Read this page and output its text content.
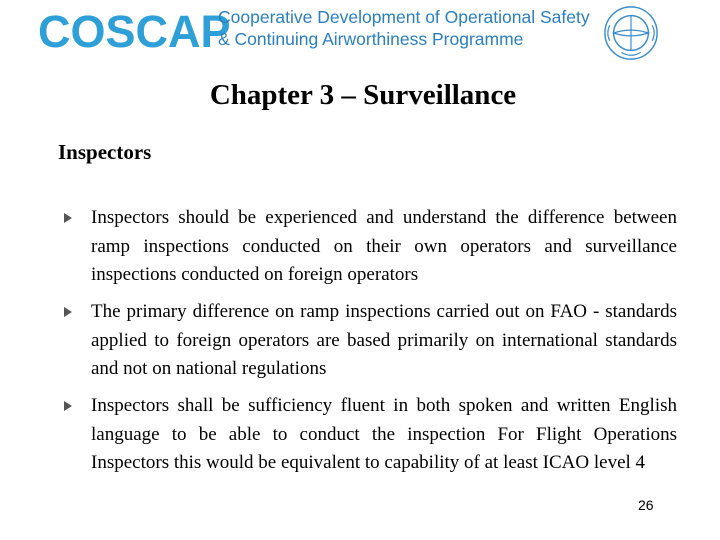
COSCAP
Cooperative Development of Operational Safety
& Continuing Airworthiness Programme
Chapter 3 – Surveillance
Inspectors
Inspectors should be experienced and understand the difference between ramp inspections conducted on their own operators and surveillance inspections conducted on foreign operators
The primary difference on ramp inspections carried out on FAO - standards applied to foreign operators are based primarily on international standards and not on national regulations
Inspectors shall be sufficiency fluent in both spoken and written English language to be able to conduct the inspection For Flight Operations Inspectors this would be equivalent to capability of at least ICAO level 4
26
